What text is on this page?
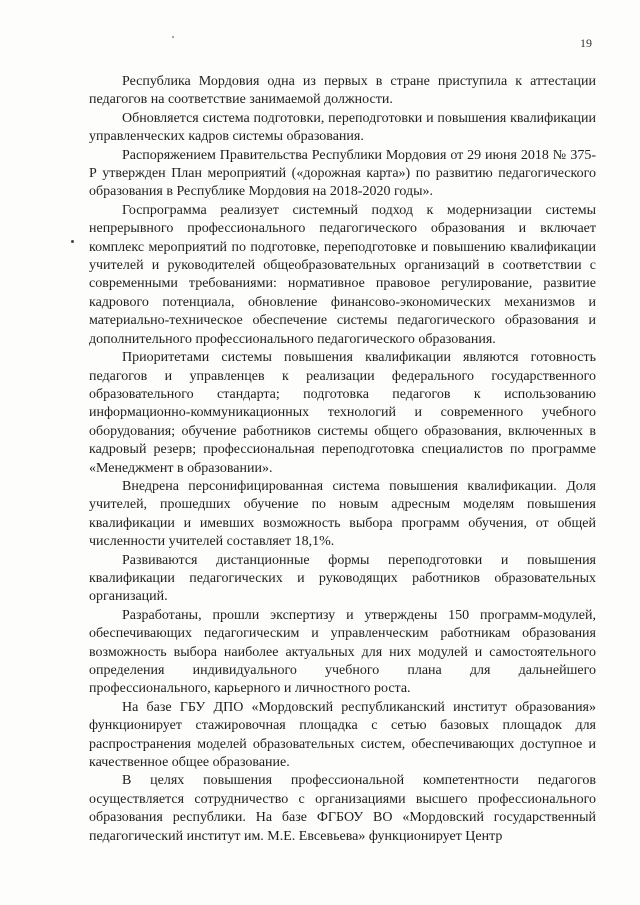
19

Республика Мордовия одна из первых в стране приступила к аттестации педагогов на соответствие занимаемой должности.

Обновляется система подготовки, переподготовки и повышения квалификации управленческих кадров системы образования.

Распоряжением Правительства Республики Мордовия от 29 июня 2018 № 375-Р утвержден План мероприятий («дорожная карта») по развитию педагогического образования в Республике Мордовия на 2018-2020 годы».

Госпрограмма реализует системный подход к модернизации системы непрерывного профессионального педагогического образования и включает комплекс мероприятий по подготовке, переподготовке и повышению квалификации учителей и руководителей общеобразовательных организаций в соответствии с современными требованиями: нормативное правовое регулирование, развитие кадрового потенциала, обновление финансово-экономических механизмов и материально-техническое обеспечение системы педагогического образования и дополнительного профессионального педагогического образования.

Приоритетами системы повышения квалификации являются готовность педагогов и управленцев к реализации федерального государственного образовательного стандарта; подготовка педагогов к использованию информационно-коммуникационных технологий и современного учебного оборудования; обучение работников системы общего образования, включенных в кадровый резерв; профессиональная переподготовка специалистов по программе «Менеджмент в образовании».

Внедрена персонифицированная система повышения квалификации. Доля учителей, прошедших обучение по новым адресным моделям повышения квалификации и имевших возможность выбора программ обучения, от общей численности учителей составляет 18,1%.

Развиваются дистанционные формы переподготовки и повышения квалификации педагогических и руководящих работников образовательных организаций.

Разработаны, прошли экспертизу и утверждены 150 программ-модулей, обеспечивающих педагогическим и управленческим работникам образования возможность выбора наиболее актуальных для них модулей и самостоятельного определения индивидуального учебного плана для дальнейшего профессионального, карьерного и личностного роста.

На базе ГБУ ДПО «Мордовский республиканский институт образования» функционирует стажировочная площадка с сетью базовых площадок для распространения моделей образовательных систем, обеспечивающих доступное и качественное общее образование.

В целях повышения профессиональной компетентности педагогов осуществляется сотрудничество с организациями высшего профессионального образования республики. На базе ФГБОУ ВО «Мордовский государственный педагогический институт им. М.Е. Евсевьева» функционирует Центр
